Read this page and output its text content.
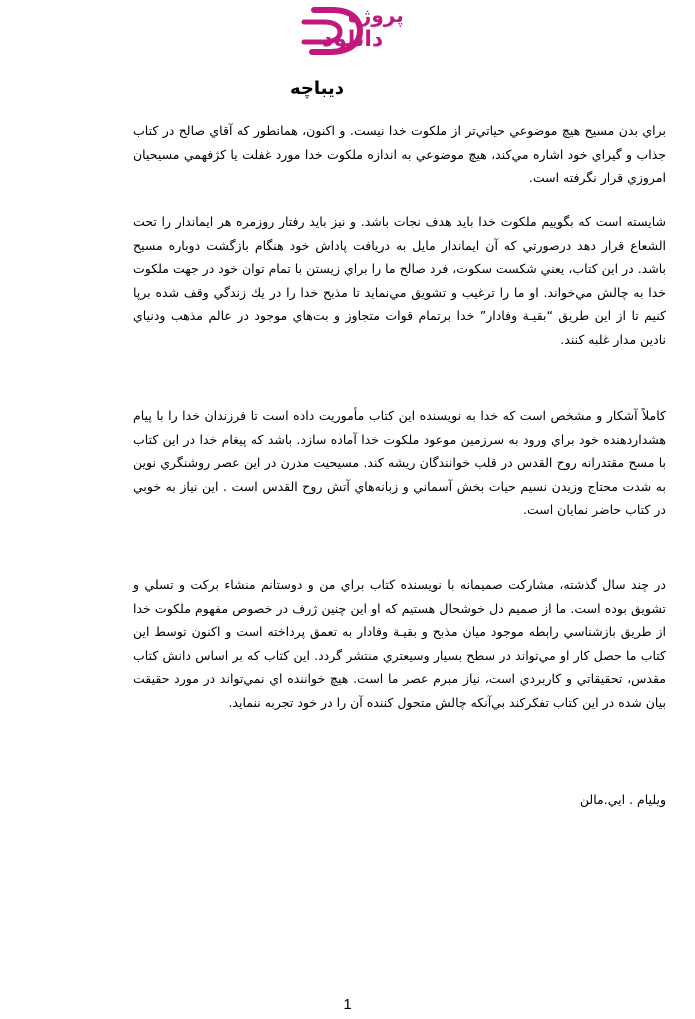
پروژه
دانلود
ديباچه

براي بدن مسيح هيچ موضوعي حياتي‌تر از ملكوت خدا نيست. و اكنون، همانطور كه آقاي صالح در كتاب جذاب و گيراي خود اشاره مي‌كند، هيچ موضوعي به اندازه ملكوت خدا مورد غفلت يا كژفهمي مسيحيان امروزي قرار نگرفته است.

شايسته است كه بگوييم ملكوت خدا بايد هدف نجات باشد. و نيز بايد رفتار روزمره هر ايماندار را تحت الشعاع قرار دهد درصورتي كه آن ايماندار مايل به دريافت پاداش خود هنگام بازگشت دوباره مسيح باشد. در اين كتاب، يعني شكست سكوت، فرد صالح ما را براي زيستن با تمام توان خود در جهت ملكوت خدا به چالش مي‌خواند. او ما را ترغيب و تشويق مي‌نمايد تا مذبح خدا را در يك زندگي وقف شده برپا كنيم تا از اين طريق “بقيـة وفادار” خدا برتمام قوات متجاوز و بت‌هاي موجود در عالم مذهب ودنياي نادين مدار غلبه كنند.

كاملاً آشكار و مشخص است كه خدا به نويسنده اين كتاب مأموريت داده است تا فرزندان خدا را با پيام هشداردهنده خود براي ورود به سرزمين موعود ملكوت خدا آماده سازد. باشد كه پيغام خدا در اين كتاب با مسح مقتدرانه روح القدس در قلب خوانندگان ريشه كند. مسيحيت مدرن در اين عصر روشنگري نوين به شدت محتاج وزيدن نسيم حيات بخش آسماني و زبانه‌هاي آتش روح القدس است . اين نياز به خوبي در كتاب حاضر نمايان است.

در چند سال گذشته، مشاركت صميمانه با نويسنده كتاب براي من و دوستانم منشاء بركت و تسلي و تشويق بوده است. ما از صميم دل خوشحال هستيم كه او اين چنين ژرف در خصوص مفهوم ملكوت خدا از طريق بازشناسي رابطه موجود ميان مذبح و بقيـة وفادار به تعمق پرداخته است و اكنون توسط اين كتاب ما حصل كار او مي‌تواند در سطح بسيار وسيعتري منتشر گردد. اين كتاب كه بر اساس دانش كتاب مقدس، تحقيقاتي و كاربردي است، نياز مبرم عصر ما است. هيچ خواننده اي نمي‌تواند در مورد حقيقت بيان شده در اين كتاب تفكركند بي‌آنكه چالش متحول كننده آن را در خود تجربه ننمايد.

ويليام . ايي.مالن

1
